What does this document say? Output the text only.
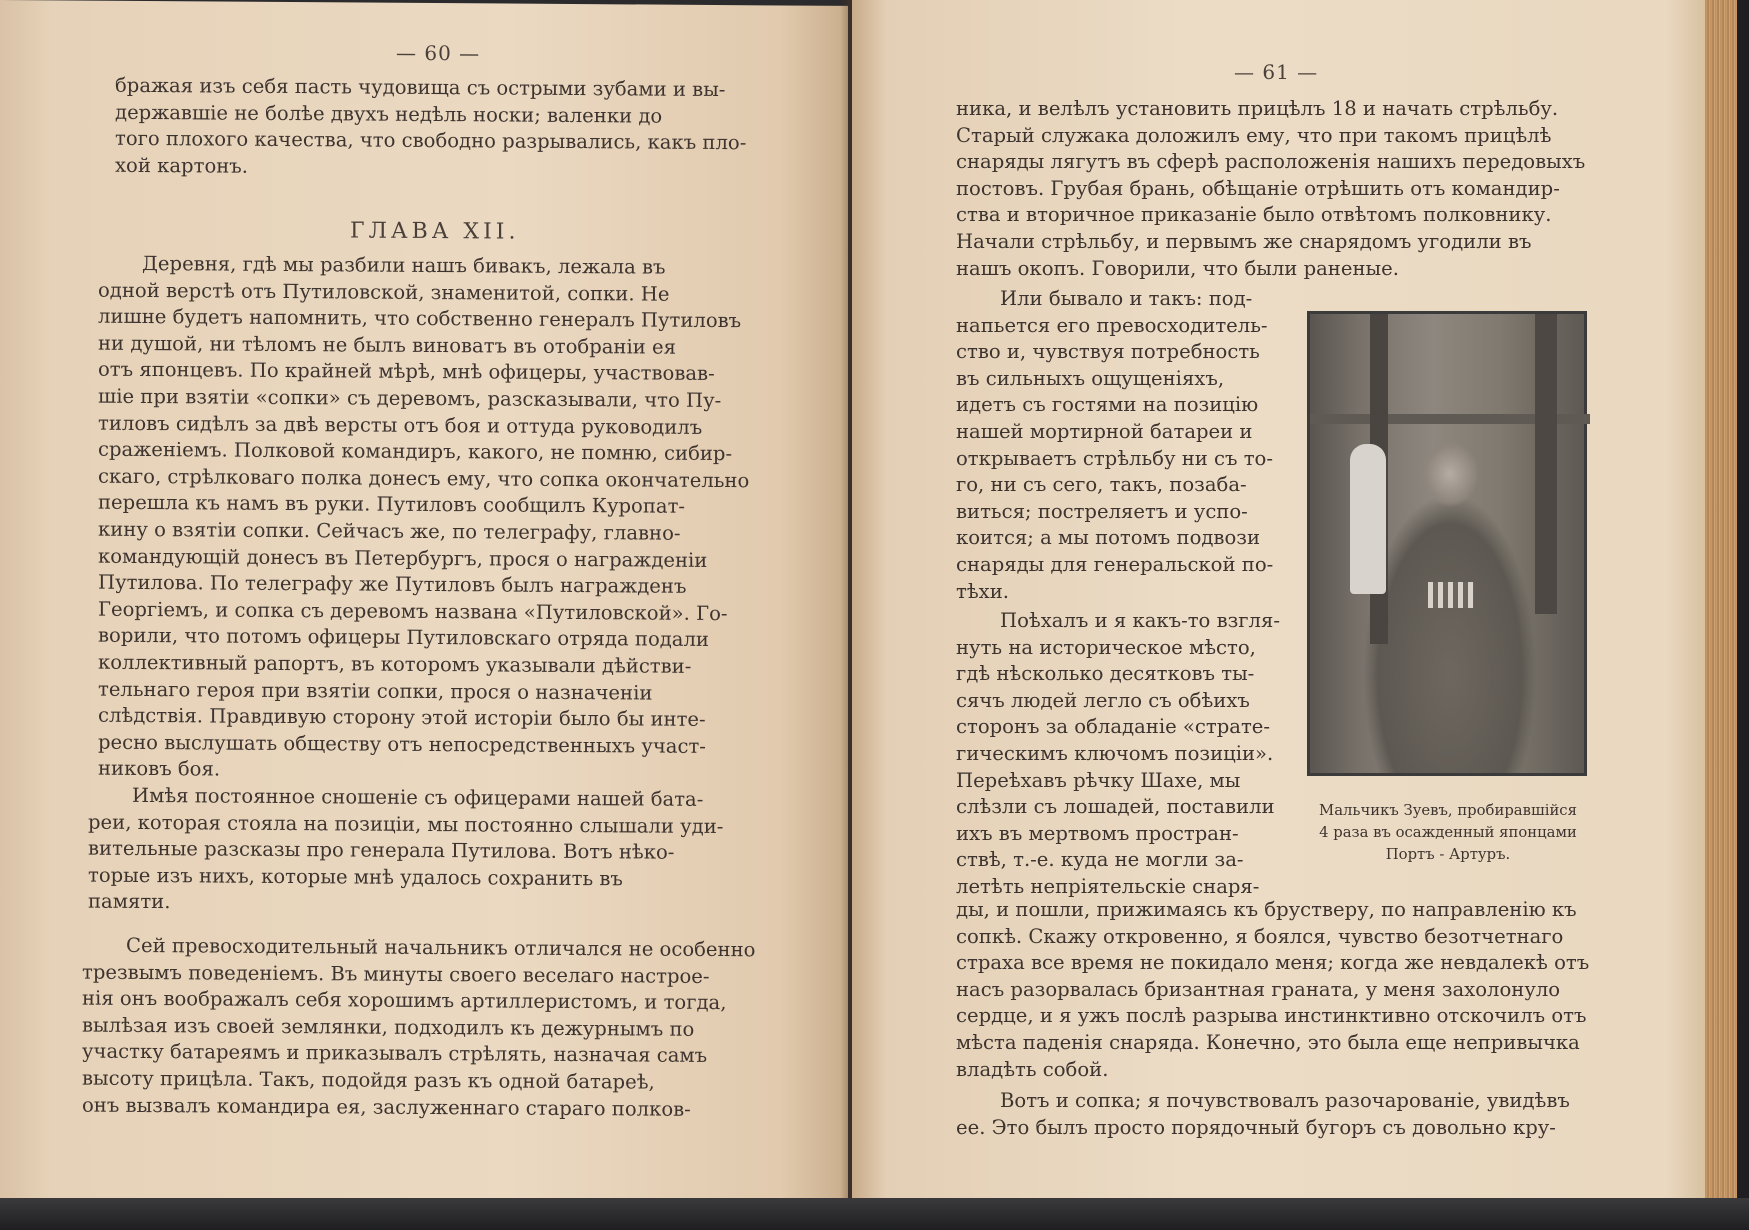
— 60 —
бражая изъ себя пасть чудовища съ острыми зубами и вы-
державшіе не болѣе двухъ недѣль носки; валенки до
того плохого качества, что свободно разрывались, какъ пло-
хой картонъ.
ГЛАВА XII.
Деревня, гдѣ мы разбили нашъ бивакъ, лежала въ
одной верстѣ отъ Путиловской, знаменитой, сопки. Не
лишне будетъ напомнить, что собственно генералъ Путиловъ
ни душой, ни тѣломъ не былъ виноватъ въ отобраніи ея
отъ японцевъ. По крайней мѣрѣ, мнѣ офицеры, участвовав-
шіе при взятіи «сопки» съ деревомъ, разсказывали, что Пу-
тиловъ сидѣлъ за двѣ версты отъ боя и оттуда руководилъ
сраженіемъ. Полковой командиръ, какого, не помню, сибир-
скаго, стрѣлковаго полка донесъ ему, что сопка окончательно
перешла къ намъ въ руки. Путиловъ сообщилъ Куропат-
кину о взятіи сопки. Сейчасъ же, по телеграфу, главно-
командующій донесъ въ Петербургъ, прося о награжденіи
Путилова. По телеграфу же Путиловъ былъ награжденъ
Георгіемъ, и сопка съ деревомъ названа «Путиловской». Го-
ворили, что потомъ офицеры Путиловскаго отряда подали
коллективный рапортъ, въ которомъ указывали дѣйстви-
тельнаго героя при взятіи сопки, прося о назначеніи
слѣдствія. Правдивую сторону этой исторіи было бы инте-
ресно выслушать обществу отъ непосредственныхъ участ-
никовъ боя.
Имѣя постоянное сношеніе съ офицерами нашей бата-
реи, которая стояла на позиціи, мы постоянно слышали уди-
вительные разсказы про генерала Путилова. Вотъ нѣко-
торые изъ нихъ, которые мнѣ удалось сохранить въ
памяти.
Сей превосходительный начальникъ отличался не особенно
трезвымъ поведеніемъ. Въ минуты своего веселаго настрое-
нія онъ воображалъ себя хорошимъ артиллеристомъ, и тогда,
вылѣзая изъ своей землянки, подходилъ къ дежурнымъ по
участку батареямъ и приказывалъ стрѣлять, назначая самъ
высоту прицѣла. Такъ, подойдя разъ къ одной батареѣ,
онъ вызвалъ командира ея, заслуженнаго стараго полков-
— 61 —
ника, и велѣлъ установить прицѣлъ 18 и начать стрѣльбу.
Старый служака доложилъ ему, что при такомъ прицѣлѣ
снаряды лягутъ въ сферѣ расположенія нашихъ передовыхъ
постовъ. Грубая брань, обѣщаніе отрѣшить отъ командир-
ства и вторичное приказаніе было отвѣтомъ полковнику.
Начали стрѣльбу, и первымъ же снарядомъ угодили въ
нашъ окопъ. Говорили, что были раненые.
Или бывало и такъ: под-
напьется его превосходитель-
ство и, чувствуя потребность
въ сильныхъ ощущеніяхъ,
идетъ съ гостями на позицію
нашей мортирной батареи и
открываетъ стрѣльбу ни съ то-
го, ни съ сего, такъ, позаба-
виться; постреляетъ и успо-
коится; а мы потомъ подвози
снаряды для генеральской по-
тѣхи.
Поѣхалъ и я какъ-то взгля-
нуть на историческое мѣсто,
гдѣ нѣсколько десятковъ ты-
сячъ людей легло съ обѣихъ
сторонъ за обладаніе «страте-
гическимъ ключомъ позиціи».
Переѣхавъ рѣчку Шахе, мы
слѣзли съ лошадей, поставили
ихъ въ мертвомъ простран-
ствѣ, т.-е. куда не могли за-
летѣть непріятельскіе снаря-
ды, и пошли, прижимаясь къ брустверу, по направленію къ
сопкѣ. Скажу откровенно, я боялся, чувство безотчетнаго
страха все время не покидало меня; когда же невдалекѣ отъ
насъ разорвалась бризантная граната, у меня захолонуло
сердце, и я ужъ послѣ разрыва инстинктивно отскочилъ отъ
мѣста паденія снаряда. Конечно, это была еще непривычка
владѣть собой.
Вотъ и сопка; я почувствовалъ разочарованіе, увидѣвъ
ее. Это былъ просто порядочный бугоръ съ довольно кру-
Мальчикъ Зуевъ, пробиравшійся
4 раза въ осажденный японцами
Портъ - Артуръ.
